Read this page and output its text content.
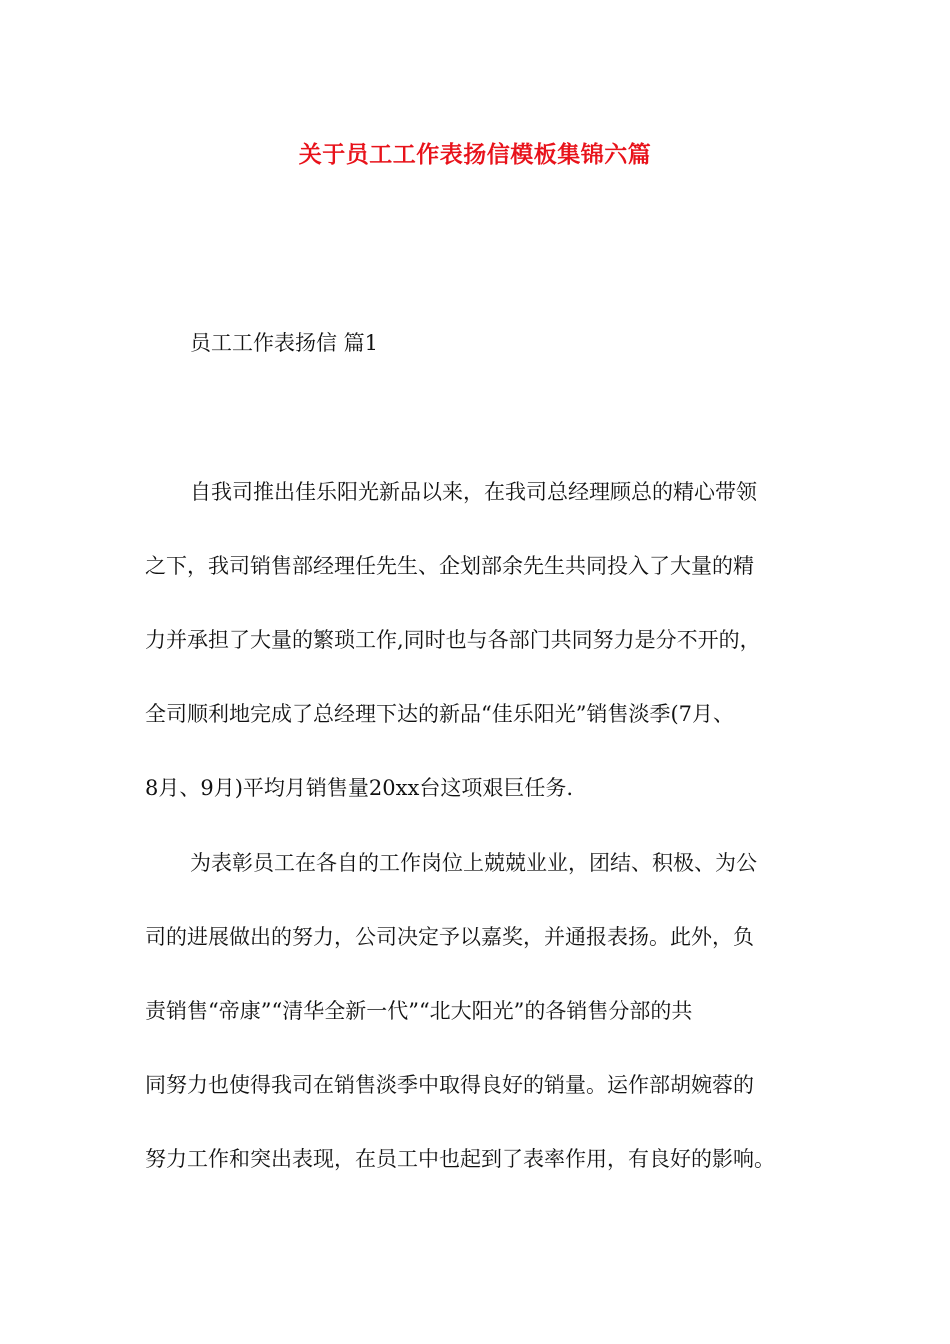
关于员工工作表扬信模板集锦六篇
员工工作表扬信 篇1

自我司推出佳乐阳光新品以来，在我司总经理顾总的精心带领

之下，我司销售部经理任先生、企划部余先生共同投入了大量的精

力并承担了大量的繁琐工作,同时也与各部门共同努力是分不开的，

全司顺利地完成了总经理下达的新品“佳乐阳光”销售淡季(7月、

8月、9月)平均月销售量20xx台这项艰巨任务.

为表彰员工在各自的工作岗位上兢兢业业，团结、积极、为公

司的进展做出的努力，公司决定予以嘉奖，并通报表扬。此外，负

责销售“帝康”“清华全新一代”“北大阳光”的各销售分部的共

同努力也使得我司在销售淡季中取得良好的销量。运作部胡婉蓉的

努力工作和突出表现，在员工中也起到了表率作用，有良好的影响。
